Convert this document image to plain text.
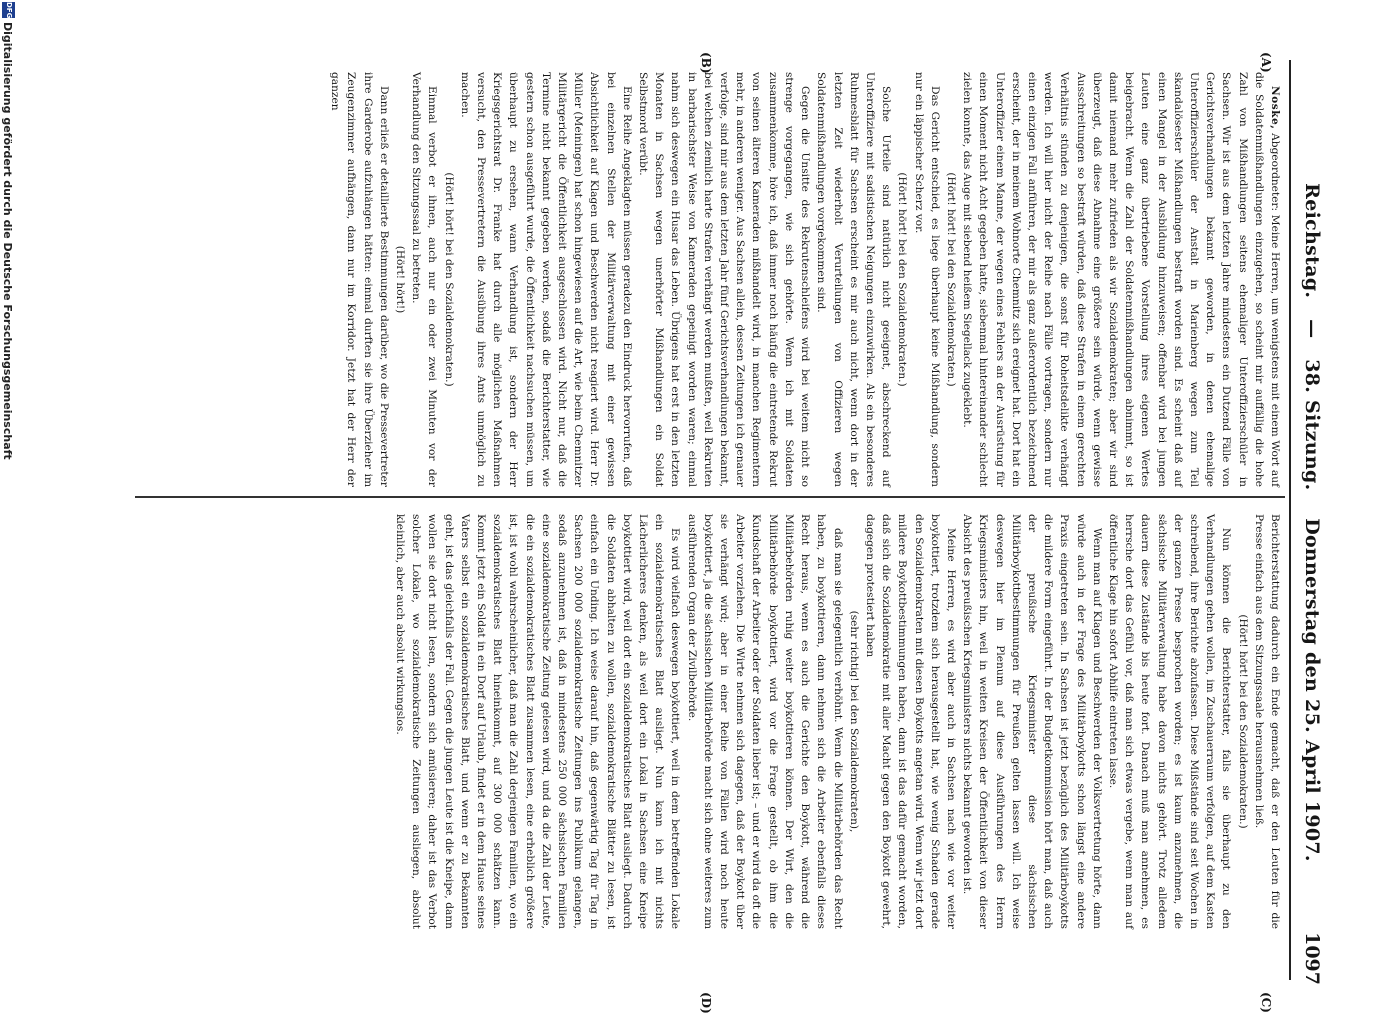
Reichstag.   —   38. Sitzung.    Donnerstag den 25. April 1907.
1097
(A)
(B)
(C)
(D)

Noske, Abgeordneter: Meine Herren, um wenigstens mit einem Wort auf die Soldatenmißhandlungen einzugehen, so scheint mir auffällig die hohe Zahl von Mißhandlungen seitens ehemaliger Unteroffizierschüler in Sachsen. Wir ist aus dem letzten Jahre mindestens ein Dutzend Fälle von Gerichtsverhandlungen bekannt geworden, in denen ehemalige Unteroffizierschüler der Anstalt in Marienberg wegen zum Teil skandalösester Mißhandlungen bestraft worden sind. Es scheint daß auf einen Mangel in der Ausbildung hinzuweisen; offenbar wird bei jungen Leuten eine ganz übertriebene Vorstellung ihres eigenen Wertes beigebracht. Wenn die Zahl der Soldatenmißhandlungen abnimmt, so ist damit niemand mehr zufrieden als wir Sozialdemokraten; aber wir sind überzeugt, daß diese Abnahme eine größere sein würde, wenn gewisse Ausschreitungen so bestraft würden, daß diese Strafen in einem gerechten Verhältnis stünden zu denjenigen, die sonst für Roheitsdelikte verhängt werden. Ich will hier nicht der Reihe nach Fälle vortragen, sondern nur einen einzigen Fall anführen, der mir als ganz außerordentlich bezeichnend erscheint, der in meinem Wohnorte Chemnitz sich ereignet hat. Dort hat ein Unteroffizier einem Manne, der wegen eines Fehlers an der Ausrüstung für einen Moment nicht Acht gegeben hatte, siebenmal hintereinander schlecht zielen konnte, das Auge mit siebend heißem Siegellack zugeklebt.

(Hört! hört! bei den Sozialdemokraten.)

Das Gericht entschied, es liege überhaupt keine Mißhandlung, sondern nur ein läppischer Scherz vor.

(Hört! hört! bei den Sozialdemokraten.)

Solche Urteile sind natürlich nicht geeignet, abschreckend auf Unteroffiziere mit sadistischen Neigungen einzuwirken. Als ein besonderes Ruhmesblatt für Sachsen erscheint es mir auch nicht, wenn dort in der letzten Zeit wiederholt Verurteilungen von Offizieren wegen Soldatenmißhandlungen vorgekommen sind.

Gegen die Unsitte des Rekrutenschleifens wird bei weitem nicht so strenge vorgegangen, wie sich gehörte. Wenn ich mit Soldaten zusammenkomme, höre ich, daß immer noch häufig die eintretende Rekrut von seinen älteren Kameraden mißhandelt wird, in manchen Regimentern mehr, in anderen weniger. Aus Sachsen allein, dessen Zeitungen ich genauer verfolge, sind mir aus dem letzten Jahr fünf Gerichtsverhandlungen bekannt, bei welchen ziemlich harte Strafen verhängt werden mußten, weil Rekruten in barbarischster Weise von Kameraden gepeinigt worden waren; einmal nahm sich deswegen ein Husar das Leben. Übrigens hat erst in den letzten Monaten in Sachsen wegen unerhörter Mißhandlungen ein Soldat Selbstmord verübt.

Eine Reihe Angeklagten müssen geradezu den Eindruck hervorrufen, daß bei einzelnen Stellen der Militärverwaltung mit einer gewissen Absichtlichkeit auf Klagen und Beschwerden nicht reagiert wird. Herr Dr. Müller (Meiningen) hat schon hingewiesen auf die Art, wie beim Chemnitzer Militärgericht die Öffentlichkeit ausgeschlossen wird. Nicht nur, daß die Termine nicht bekannt gegeben werden, sodaß die Berichterstatter, wie gestern schon ausgeführt wurde, die Öffentlichkeit nachsuchen müssen, um überhaupt zu ersehen, wann Verhandlung ist, sondern der Herr Kriegsgerichtsrat Dr. Franke hat durch alle möglichen Maßnahmen versucht, den Pressevertretern die Ausübung ihres Amts unmöglich zu machen.

(Hört! hört! bei den Sozialdemokraten.)

Einmal verbot er ihnen, auch nur ein oder zwei Minuten vor der Verhandlung den Sitzungssaal zu betreten.

(Hört! hört!)

Dann erließ er detaillierte Bestimmungen darüber, wo die Pressevertreter ihre Garderobe aufzuhängen hätten: einmal durften sie ihre Überzieher im Zeugenzimmer aufhängen, dann nur im Korridor. Jetzt hat der Herr der ganzen

Berichterstattung dadurch ein Ende gemacht, daß er den Leuten für die Presse einfach aus dem Sitzungssaale herausnehmen ließ.

(Hört! hört! bei den Sozialdemokraten.)

Nun können die Berichterstatter, falls sie überhaupt zu den Verhandlungen gehen wollen, im Zuschauerraum verfolgen, auf dem Kasten schreibend, ihre Berichte abzufassen. Diese Mißstände sind seit Wochen in der ganzen Presse besprochen worden; es ist kaum anzunehmen, die sächsische Militärverwaltung habe davon nichts gehört. Trotz alledem dauern diese Zustände bis heute fort. Danach muß man annehmen, es herrsche dort das Gefühl vor, daß man sich etwas vergebe, wenn man auf öffentliche Klage hin sofort Abhilfe eintreten lasse.

Wenn man auf Klagen und Beschwerden der Volksvertretung hörte, dann würde auch in der Frage des Militärboykotts schon längst eine andere Praxis eingetreten sein. In Sachsen ist jetzt bezüglich des Militärboykotts die mildere Form eingeführt. In der Budgetkommission hört man, daß auch der preußische Kriegsminister diese sächsischen Militärboykottbestimmungen für Preußen gelten lassen will. Ich weise deswegen hier im Plenum auf diese Ausführungen des Herrn Kriegsministers hin, weil in weiten Kreisen der Öffentlichkeit von dieser Absicht des preußischen Kriegsministers nichts bekannt geworden ist.

Meine Herren, es wird aber auch in Sachsen nach wie vor weiter boykottiert, trotzdem sich herausgestellt hat, wie wenig Schaden gerade den Sozialdemokraten mit diesen Boykotts angetan wird. Wenn wir jetzt dort mildere Boykottbestimmungen haben, dann ist das dafür gemacht worden, daß sich die Sozialdemokratie mit aller Macht gegen den Boykott gewehrt, dagegen protestiert haben

(sehr richtig! bei den Sozialdemokraten),

daß man sie gelegentlich verhöhnt. Wenn die Militärbehörden das Recht haben, zu boykottieren, dann nehmen sich die Arbeiter ebenfalls dieses Recht heraus, wenn es auch die Gerichte den Boykott, während die Militärbehörden ruhig weiter boykottieren können. Der Wirt, den die Militärbehörde boykottiert, wird vor die Frage gestellt, ob ihm die Kundschaft der Arbeiter oder der Soldaten lieber ist; – und er wird da oft die Arbeiter vorziehen. Die Wirte nehmen sich dagegen, daß der Boykott über sie verhängt wird; aber in einer Reihe von Fällen wird noch heute boykottiert, ja die sächsischen Militärbehörde macht sich ohne weiteres zum ausführenden Organ der Zivilbehörde.

Es wird vielfach deswegen boykottiert, weil in dem betreffenden Lokale ein sozialdemokratisches Blatt ausliegt. Nun kann ich mit nichts Lächerlicheres denken, als weil dort ein Lokal in Sachsen eine Kneipe boykottiert wird, weil dort ein sozialdemokratisches Blatt ausliegt. Dadurch die Soldaten abhalten zu wollen, sozialdemokratische Blätter zu lesen, ist einfach ein Unding. Ich weise darauf hin, daß gegenwärtig Tag für Tag in Sachsen 200 000 sozialdemokratische Zeitungen ins Publikum gelangen, sodaß anzunehmen ist, daß in mindestens 250 000 sächsischen Familien eine sozialdemokratische Zeitung gelesen wird, und da die Zahl der Leute, die ein sozialdemokratisches Blatt zusammen lesen, eine erheblich größere ist, ist wohl wahrscheinlicher, daß man die Zahl derjenigen Familien, wo ein sozialdemokratisches Blatt hineinkommt, auf 300 000 schätzen kann. Kommt jetzt ein Soldat in ein Dorf auf Urlaub, findet er in dem Hause seines Vaters selbst ein sozialdemokratisches Blatt, und wenn er zu Bekannten geht, ist das gleichfalls der Fall. Gegen die jungen Leute ist die Kneipe, dann wollen sie dort nicht lesen, sondern sich amüsieren; daher ist das Verbot solcher Lokale, wo sozialdemokratische Zeitungen ausliegen, absolut kleinlich, aber auch absolut wirkungslos.

DFG
Digitalisierung gefördert durch die Deutsche Forschungsgemeinschaft
